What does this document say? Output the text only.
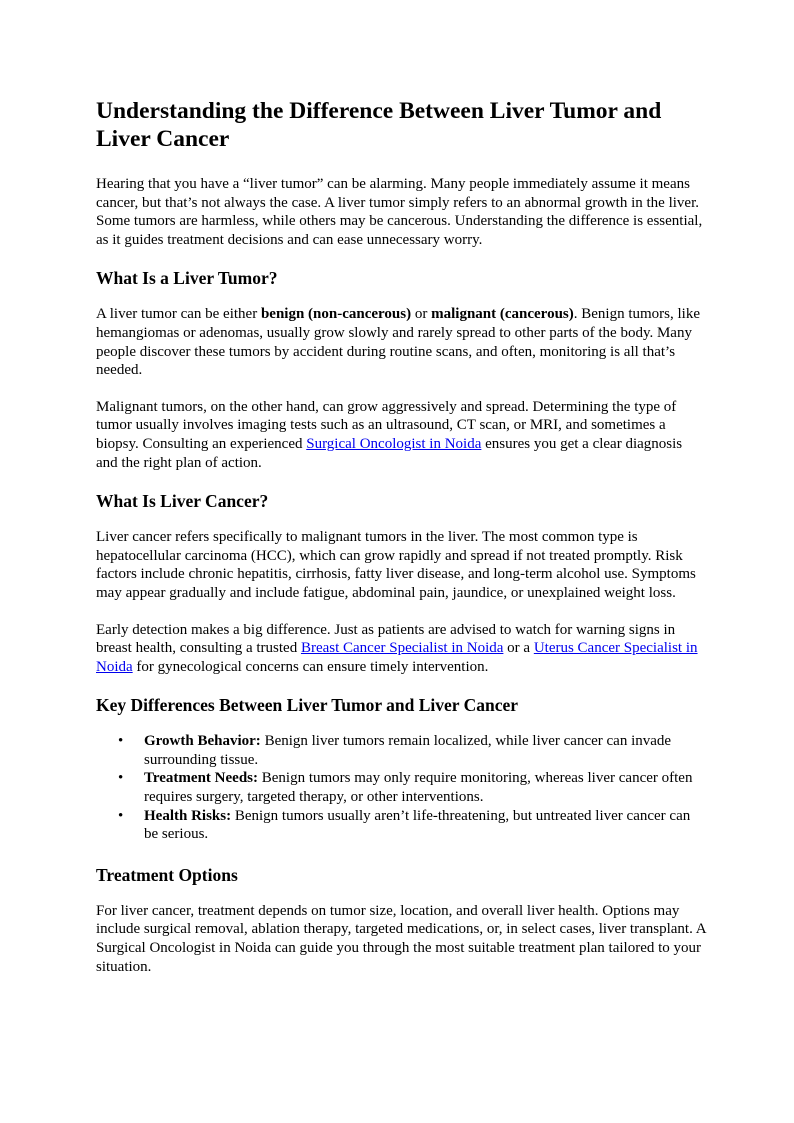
Understanding the Difference Between Liver Tumor and Liver Cancer

Hearing that you have a “liver tumor” can be alarming. Many people immediately assume it means cancer, but that’s not always the case. A liver tumor simply refers to an abnormal growth in the liver. Some tumors are harmless, while others may be cancerous. Understanding the difference is essential, as it guides treatment decisions and can ease unnecessary worry.

What Is a Liver Tumor?

A liver tumor can be either benign (non-cancerous) or malignant (cancerous). Benign tumors, like hemangiomas or adenomas, usually grow slowly and rarely spread to other parts of the body. Many people discover these tumors by accident during routine scans, and often, monitoring is all that’s needed.

Malignant tumors, on the other hand, can grow aggressively and spread. Determining the type of tumor usually involves imaging tests such as an ultrasound, CT scan, or MRI, and sometimes a biopsy. Consulting an experienced Surgical Oncologist in Noida ensures you get a clear diagnosis and the right plan of action.

What Is Liver Cancer?

Liver cancer refers specifically to malignant tumors in the liver. The most common type is hepatocellular carcinoma (HCC), which can grow rapidly and spread if not treated promptly. Risk factors include chronic hepatitis, cirrhosis, fatty liver disease, and long-term alcohol use. Symptoms may appear gradually and include fatigue, abdominal pain, jaundice, or unexplained weight loss.

Early detection makes a big difference. Just as patients are advised to watch for warning signs in breast health, consulting a trusted Breast Cancer Specialist in Noida or a Uterus Cancer Specialist in Noida for gynecological concerns can ensure timely intervention.

Key Differences Between Liver Tumor and Liver Cancer
• Growth Behavior: Benign liver tumors remain localized, while liver cancer can invade surrounding tissue.
• Treatment Needs: Benign tumors may only require monitoring, whereas liver cancer often requires surgery, targeted therapy, or other interventions.
• Health Risks: Benign tumors usually aren’t life-threatening, but untreated liver cancer can be serious.
Treatment Options

For liver cancer, treatment depends on tumor size, location, and overall liver health. Options may include surgical removal, ablation therapy, targeted medications, or, in select cases, liver transplant. A Surgical Oncologist in Noida can guide you through the most suitable treatment plan tailored to your situation.
